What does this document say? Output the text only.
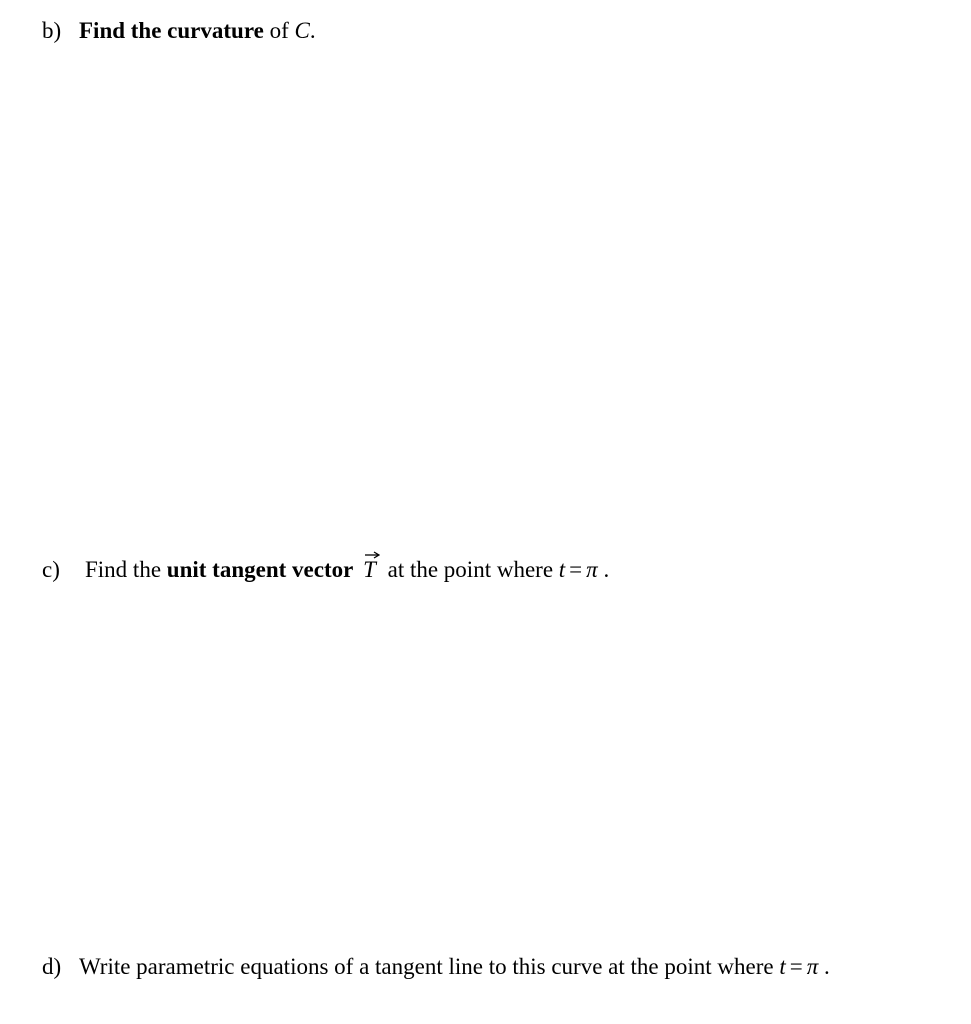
b) Find the curvature of C.
c) Find the unit tangent vector T at the point where t = π .
d) Write parametric equations of a tangent line to this curve at the point where t = π .
